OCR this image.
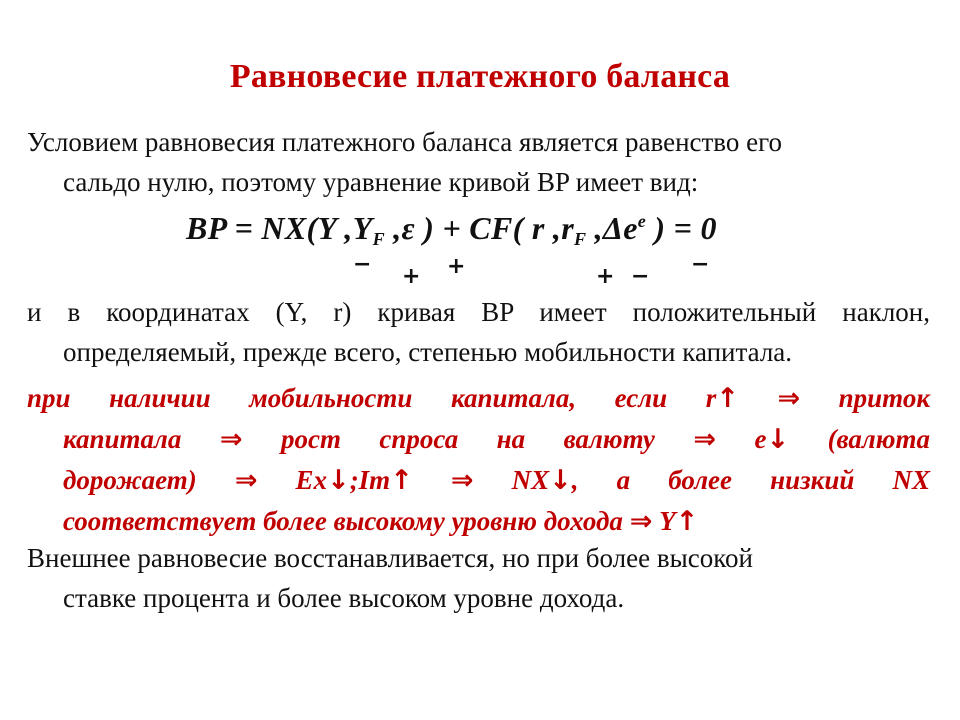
Равновесие платежного баланса
Условием равновесия платежного баланса является равенство его
сальдо нулю, поэтому уравнение кривой BP имеет вид:
BP = NX(Y $,Y_F$ ,ε ) + CF( r $,r_F$ $,\Delta e^e$ ) = 0
− + +	+ − −
и в координатах (Y, r) кривая BP имеет положительный наклон,
определяемый, прежде всего, степенью мобильности капитала.
при наличии мобильности капитала, если r↑ ⇒ приток
капитала ⇒ рост спроса на валюту ⇒ e↓ (валюта
дорожает) ⇒ Ex↓;Im↑ ⇒ NX↓, а более низкий NX
соответствует более высокому уровню дохода ⇒ Y↑
Внешнее равновесие восстанавливается, но при более высокой
ставке процента и более высоком уровне дохода.
